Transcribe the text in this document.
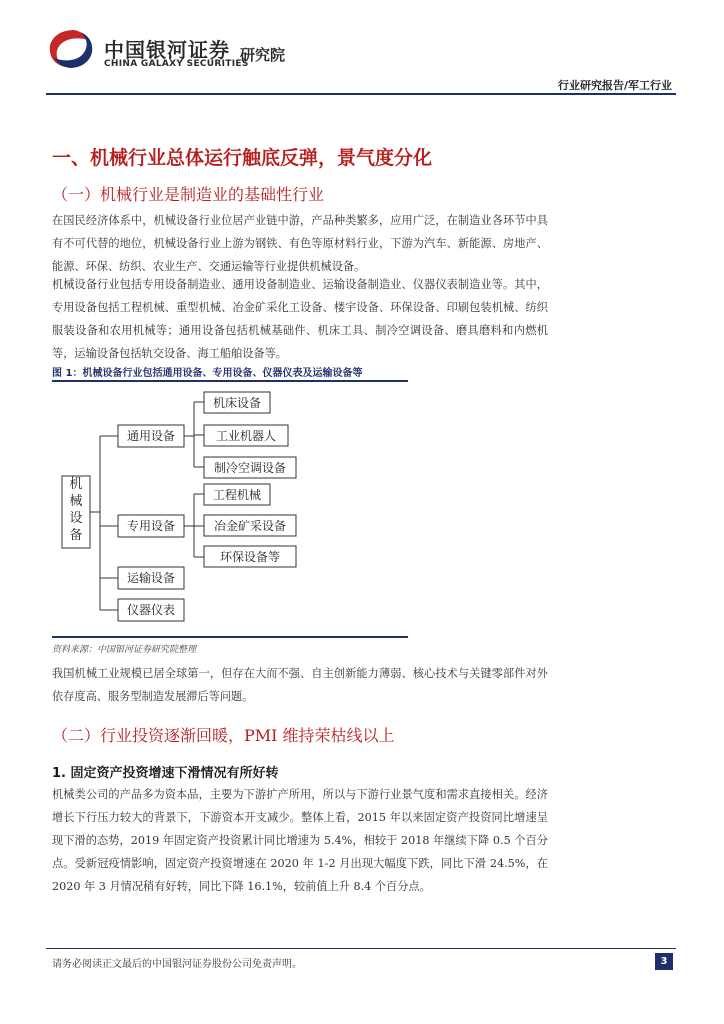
中国银河证券
CHINA GALAXY SECURITIES
研究院
行业研究报告/军工行业
一、机械行业总体运行触底反弹，景气度分化
（一）机械行业是制造业的基础性行业
在国民经济体系中，机械设备行业位居产业链中游，产品种类繁多，应用广泛，在制造业各环节中具有不可代替的地位，机械设备行业上游为钢铁、有色等原材料行业，下游为汽车、新能源、房地产、能源、环保、纺织、农业生产、交通运输等行业提供机械设备。
机械设备行业包括专用设备制造业、通用设备制造业、运输设备制造业、仪器仪表制造业等。其中，专用设备包括工程机械、重型机械、冶金矿采化工设备、楼宇设备、环保设备、印刷包装机械、纺织服装设备和农用机械等；通用设备包括机械基础件、机床工具、制冷空调设备、磨具磨料和内燃机等，运输设备包括轨交设备、海工船舶设备等。
图 1：机械设备行业包括通用设备、专用设备、仪器仪表及运输设备等
机
械
设
备
通用设备
专用设备
运输设备
仪器仪表
机床设备
工业机器人
制冷空调设备
工程机械
冶金矿采设备
环保设备等
资料来源：中国银河证券研究院整理
我国机械工业规模已居全球第一，但存在大而不强、自主创新能力薄弱、核心技术与关键零部件对外依存度高、服务型制造发展滞后等问题。
（二）行业投资逐渐回暖，PMI 维持荣枯线以上
1. 固定资产投资增速下滑情况有所好转
机械类公司的产品多为资本品，主要为下游扩产所用，所以与下游行业景气度和需求直接相关。经济增长下行压力较大的背景下，下游资本开支减少。整体上看，2015 年以来固定资产投资同比增速呈现下滑的态势，2019 年固定资产投资累计同比增速为 5.4%，相较于 2018 年继续下降 0.5 个百分点。受新冠疫情影响，固定资产投资增速在 2020 年 1-2 月出现大幅度下跌，同比下滑 24.5%，在 2020 年 3 月情况稍有好转，同比下降 16.1%，较前值上升 8.4 个百分点。
请务必阅读正文最后的中国银河证券股份公司免责声明。	3
